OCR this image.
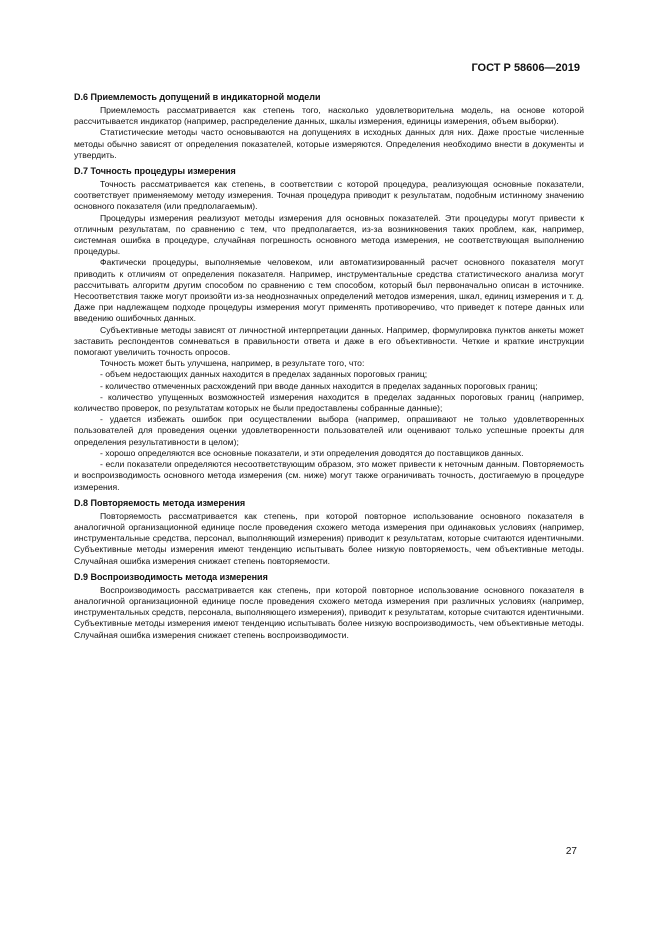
ГОСТ Р 58606—2019
D.6 Приемлемость допущений в индикаторной модели

Приемлемость рассматривается как степень того, насколько удовлетворительна модель, на основе которой рассчитывается индикатор (например, распределение данных, шкалы измерения, единицы измерения, объем выборки).

Статистические методы часто основываются на допущениях в исходных данных для них. Даже простые численные методы обычно зависят от определения показателей, которые измеряются. Определения необходимо внести в документы и утвердить.

D.7 Точность процедуры измерения

Точность рассматривается как степень, в соответствии с которой процедура, реализующая основные показатели, соответствует применяемому методу измерения. Точная процедура приводит к результатам, подобным истинному значению основного показателя (или предполагаемым).

Процедуры измерения реализуют методы измерения для основных показателей. Эти процедуры могут привести к отличным результатам, по сравнению с тем, что предполагается, из-за возникновения таких проблем, как, например, системная ошибка в процедуре, случайная погрешность основного метода измерения, не соответствующая выполнению процедуры.

Фактически процедуры, выполняемые человеком, или автоматизированный расчет основного показателя могут приводить к отличиям от определения показателя. Например, инструментальные средства статистического анализа могут рассчитывать алгоритм другим способом по сравнению с тем способом, который был первоначально описан в источнике. Несоответствия также могут произойти из-за неоднозначных определений методов измерения, шкал, единиц измерения и т. д. Даже при надлежащем подходе процедуры измерения могут применять противоречиво, что приведет к потере данных или введению ошибочных данных.

Субъективные методы зависят от личностной интерпретации данных. Например, формулировка пунктов анкеты может заставить респондентов сомневаться в правильности ответа и даже в его объективности. Четкие и краткие инструкции помогают увеличить точность опросов.

Точность может быть улучшена, например, в результате того, что:

- объем недостающих данных находится в пределах заданных пороговых границ;

- количество отмеченных расхождений при вводе данных находится в пределах заданных пороговых границ;

- количество упущенных возможностей измерения находится в пределах заданных пороговых границ (например, количество проверок, по результатам которых не были предоставлены собранные данные);

- удается избежать ошибок при осуществлении выбора (например, опрашивают не только удовлетворенных пользователей для проведения оценки удовлетворенности пользователей или оценивают только успешные проекты для определения результативности в целом);

- хорошо определяются все основные показатели, и эти определения доводятся до поставщиков данных.

- если показатели определяются несоответствующим образом, это может привести к неточным данным. Повторяемость и воспроизводимость основного метода измерения (см. ниже) могут также ограничивать точность, достигаемую в процедуре измерения.

D.8 Повторяемость метода измерения

Повторяемость рассматривается как степень, при которой повторное использование основного показателя в аналогичной организационной единице после проведения схожего метода измерения при одинаковых условиях (например, инструментальные средства, персонал, выполняющий измерения) приводит к результатам, которые считаются идентичными. Субъективные методы измерения имеют тенденцию испытывать более низкую повторяемость, чем объективные методы. Случайная ошибка измерения снижает степень повторяемости.

D.9 Воспроизводимость метода измерения

Воспроизводимость рассматривается как степень, при которой повторное использование основного показателя в аналогичной организационной единице после проведения схожего метода измерения при различных условиях (например, инструментальных средств, персонала, выполняющего измерения), приводит к результатам, которые считаются идентичными. Субъективные методы измерения имеют тенденцию испытывать более низкую воспроизводимость, чем объективные методы. Случайная ошибка измерения снижает степень воспроизводимости.

27
